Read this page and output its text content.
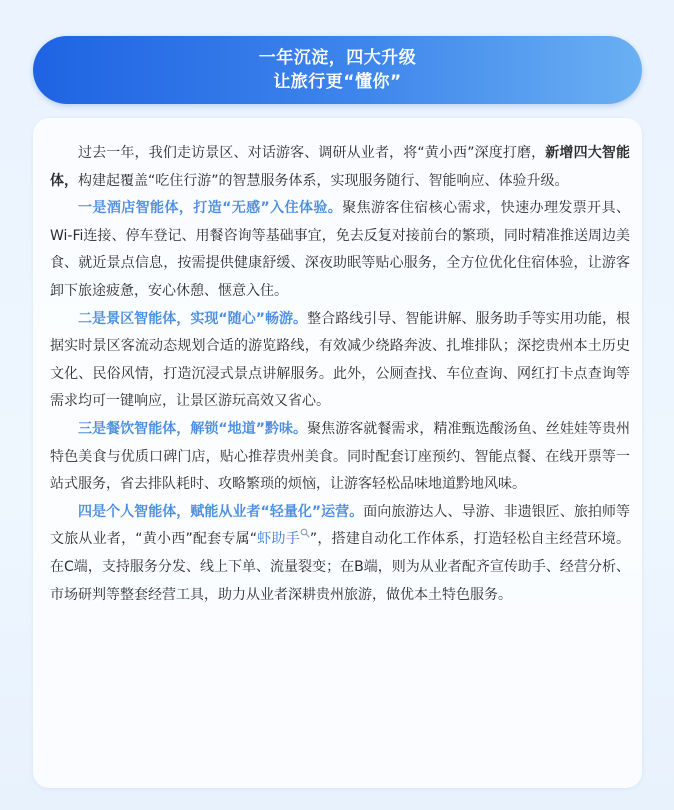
一年沉淀，四大升级
让旅行更“懂你”

过去一年，我们走访景区、对话游客、调研从业者，将“黄小西”深度打磨，新增四大智能体，构建起覆盖“吃住行游”的智慧服务体系，实现服务随行、智能响应、体验升级。

一是酒店智能体，打造“无感”入住体验。聚焦游客住宿核心需求，快速办理发票开具、Wi-Fi连接、停车登记、用餐咨询等基础事宜，免去反复对接前台的繁琐，同时精准推送周边美食、就近景点信息，按需提供健康舒缓、深夜助眠等贴心服务，全方位优化住宿体验，让游客卸下旅途疲惫，安心休憩、惬意入住。

二是景区智能体，实现“随心”畅游。整合路线引导、智能讲解、服务助手等实用功能，根据实时景区客流动态规划合适的游览路线，有效减少绕路奔波、扎堆排队；深挖贵州本土历史文化、民俗风情，打造沉浸式景点讲解服务。此外，公厕查找、车位查询、网红打卡点查询等需求均可一键响应，让景区游玩高效又省心。

三是餐饮智能体，解锁“地道”黔味。聚焦游客就餐需求，精准甄选酸汤鱼、丝娃娃等贵州特色美食与优质口碑门店，贴心推荐贵州美食。同时配套订座预约、智能点餐、在线开票等一站式服务，省去排队耗时、攻略繁琐的烦恼，让游客轻松品味地道黔地风味。

四是个人智能体，赋能从业者“轻量化”运营。面向旅游达人、导游、非遗银匠、旅拍师等文旅从业者，“黄小西”配套专属“虾助手 ”，搭建自动化工作体系，打造轻松自主经营环境。在C端，支持服务分发、线上下单、流量裂变；在B端，则为从业者配齐宣传助手、经营分析、市场研判等整套经营工具，助力从业者深耕贵州旅游，做优本土特色服务。
